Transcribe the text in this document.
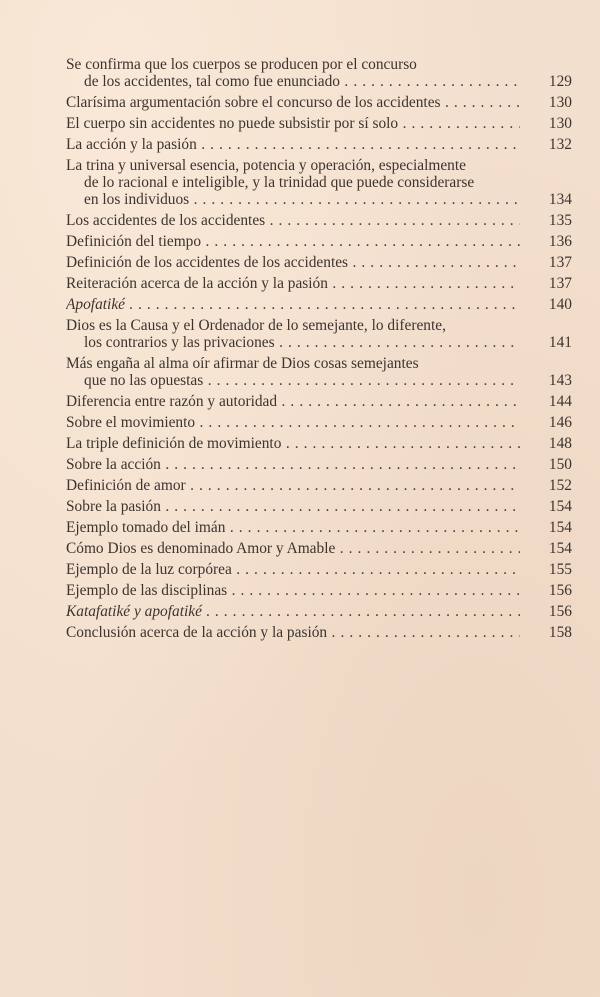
Se confirma que los cuerpos se producen por el concurso
de los accidentes, tal como fue enunciado . . .	129
Clarísima argumentación sobre el concurso de los accidentes . . .	130
El cuerpo sin accidentes no puede subsistir por sí solo . . .	130
La acción y la pasión . . .	132
La trina y universal esencia, potencia y operación, especialmente
de lo racional e inteligible, y la trinidad que puede considerarse
en los individuos . . .	134
Los accidentes de los accidentes . . .	135
Definición del tiempo . . .	136
Definición de los accidentes de los accidentes . . .	137
Reiteración acerca de la acción y la pasión . . .	137
Apofatiké . . .	140
Dios es la Causa y el Ordenador de lo semejante, lo diferente,
los contrarios y las privaciones . . .	141
Más engaña al alma oír afirmar de Dios cosas semejantes
que no las opuestas . . .	143
Diferencia entre razón y autoridad . . .	144
Sobre el movimiento . . .	146
La triple definición de movimiento . . .	148
Sobre la acción . . .	150
Definición de amor . . .	152
Sobre la pasión . . .	154
Ejemplo tomado del imán . . .	154
Cómo Dios es denominado Amor y Amable . . .	154
Ejemplo de la luz corpórea . . .	155
Ejemplo de las disciplinas . . .	156
Katafatiké y apofatiké . . .	156
Conclusión acerca de la acción y la pasión . . .	158
